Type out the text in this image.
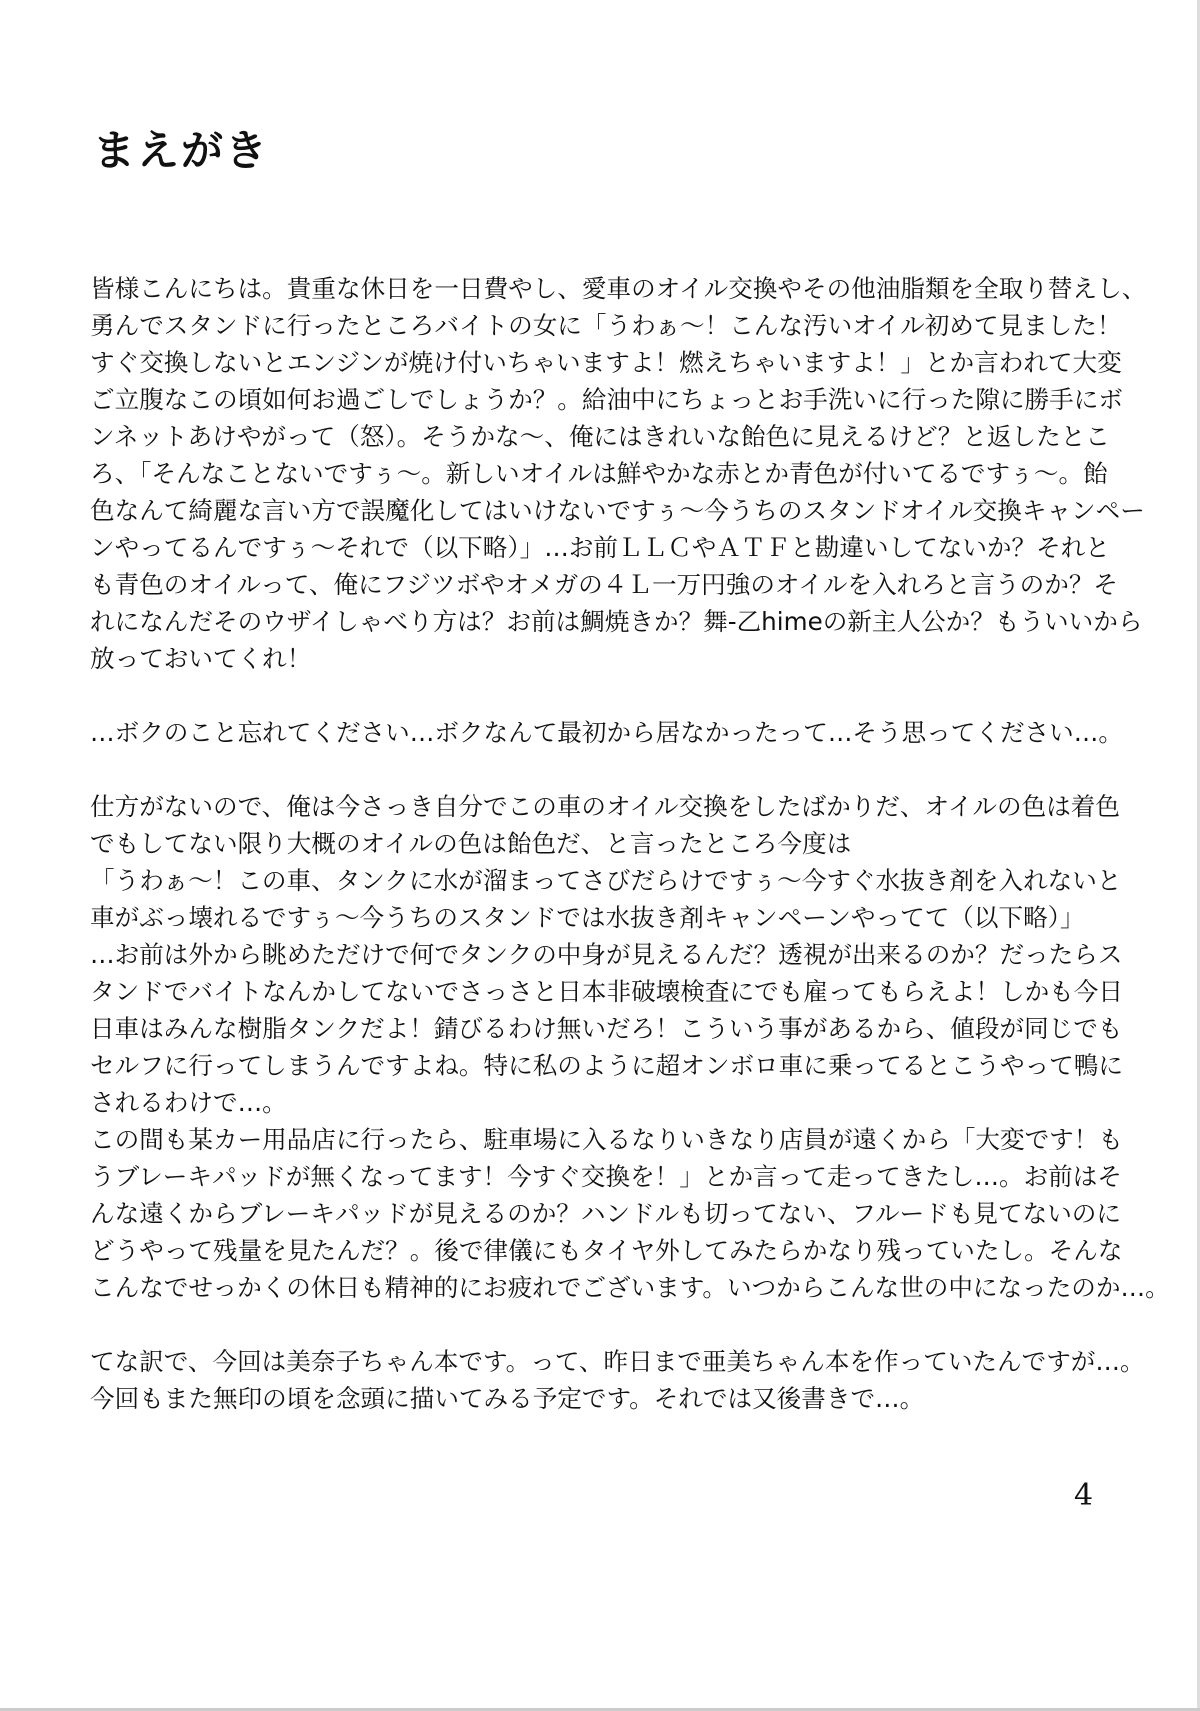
まえがき
皆様こんにちは。貴重な休日を一日費やし、愛車のオイル交換やその他油脂類を全取り替えし、
勇んでスタンドに行ったところバイトの女に「うわぁ～！こんな汚いオイル初めて見ました！
すぐ交換しないとエンジンが焼け付いちゃいますよ！燃えちゃいますよ！」とか言われて大変
ご立腹なこの頃如何お過ごしでしょうか？。給油中にちょっとお手洗いに行った隙に勝手にボ
ンネットあけやがって（怒）。そうかな～、俺にはきれいな飴色に見えるけど？と返したとこ
ろ、「そんなことないですぅ～。新しいオイルは鮮やかな赤とか青色が付いてるですぅ～。飴
色なんて綺麗な言い方で誤魔化してはいけないですぅ～今うちのスタンドオイル交換キャンペー
ンやってるんですぅ～それで（以下略）」…お前ＬＬＣやＡＴＦと勘違いしてないか？それと
も青色のオイルって、俺にフジツボやオメガの４Ｌ一万円強のオイルを入れろと言うのか？そ
れになんだそのウザイしゃべり方は？お前は鯛焼きか？舞-乙himeの新主人公か？もういいから
放っておいてくれ！
…ボクのこと忘れてください…ボクなんて最初から居なかったって…そう思ってください…。
仕方がないので、俺は今さっき自分でこの車のオイル交換をしたばかりだ、オイルの色は着色
でもしてない限り大概のオイルの色は飴色だ、と言ったところ今度は
「うわぁ～！この車、タンクに水が溜まってさびだらけですぅ～今すぐ水抜き剤を入れないと
車がぶっ壊れるですぅ～今うちのスタンドでは水抜き剤キャンペーンやってて（以下略）」
…お前は外から眺めただけで何でタンクの中身が見えるんだ？透視が出来るのか？だったらス
タンドでバイトなんかしてないでさっさと日本非破壊検査にでも雇ってもらえよ！しかも今日
日車はみんな樹脂タンクだよ！錆びるわけ無いだろ！こういう事があるから、値段が同じでも
セルフに行ってしまうんですよね。特に私のように超オンボロ車に乗ってるとこうやって鴨に
されるわけで…。
この間も某カー用品店に行ったら、駐車場に入るなりいきなり店員が遠くから「大変です！も
うブレーキパッドが無くなってます！今すぐ交換を！」とか言って走ってきたし…。お前はそ
んな遠くからブレーキパッドが見えるのか？ハンドルも切ってない、フルードも見てないのに
どうやって残量を見たんだ？。後で律儀にもタイヤ外してみたらかなり残っていたし。そんな
こんなでせっかくの休日も精神的にお疲れでございます。いつからこんな世の中になったのか…。
てな訳で、今回は美奈子ちゃん本です。って、昨日まで亜美ちゃん本を作っていたんですが…。
今回もまた無印の頃を念頭に描いてみる予定です。それでは又後書きで…。
4
